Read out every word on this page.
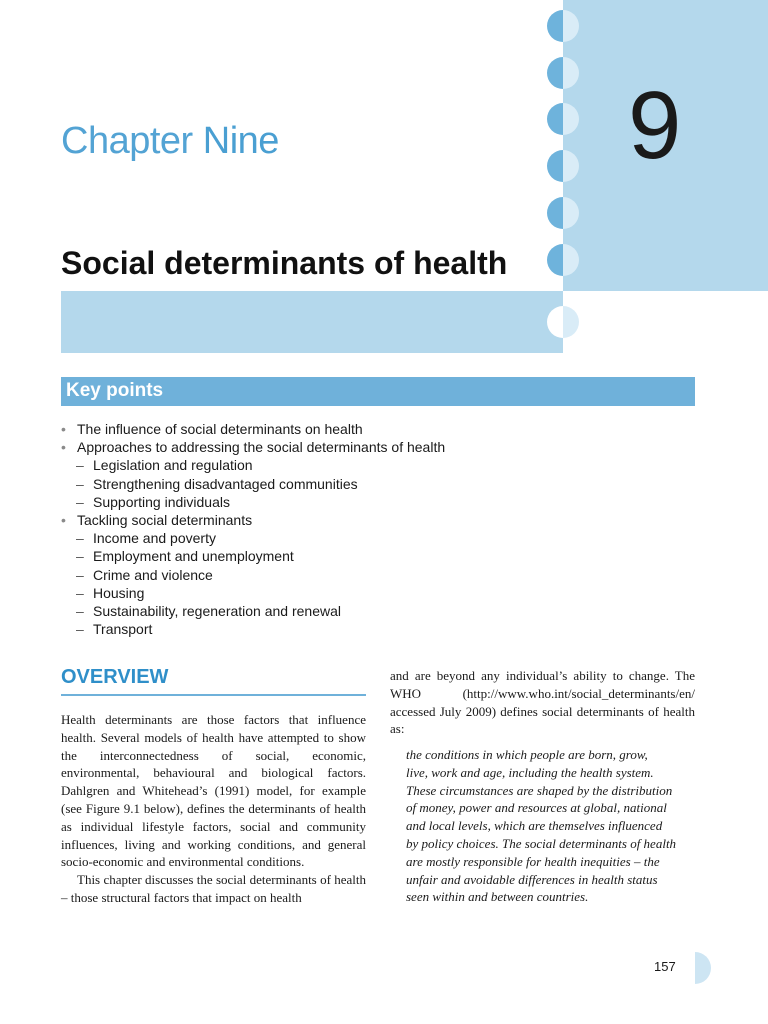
Chapter Nine	9
Social determinants of health
Key points
• The influence of social determinants on health
• Approaches to addressing the social determinants of health
– Legislation and regulation
– Strengthening disadvantaged communities
– Supporting individuals
• Tackling social determinants
– Income and poverty
– Employment and unemployment
– Crime and violence
– Housing
– Sustainability, regeneration and renewal
– Transport
OVERVIEW

Health determinants are those factors that influence health. Several models of health have attempted to show the interconnectedness of social, economic, environmental, behavioural and biological factors. Dahlgren and Whitehead’s (1991) model, for example (see Figure 9.1 below), defines the determinants of health as individual lifestyle factors, social and community influences, living and working conditions, and general socio-economic and environmental conditions.

This chapter discusses the social determinants of health – those structural factors that impact on health

and are beyond any individual’s ability to change. The WHO (http://www.who.int/social_determinants/en/ accessed July 2009) defines social determinants of health as:

the conditions in which people are born, grow,
live, work and age, including the health system.
These circumstances are shaped by the distribution
of money, power and resources at global, national
and local levels, which are themselves influenced
by policy choices. The social determinants of health
are mostly responsible for health inequities – the
unfair and avoidable differences in health status
seen within and between countries.
157
